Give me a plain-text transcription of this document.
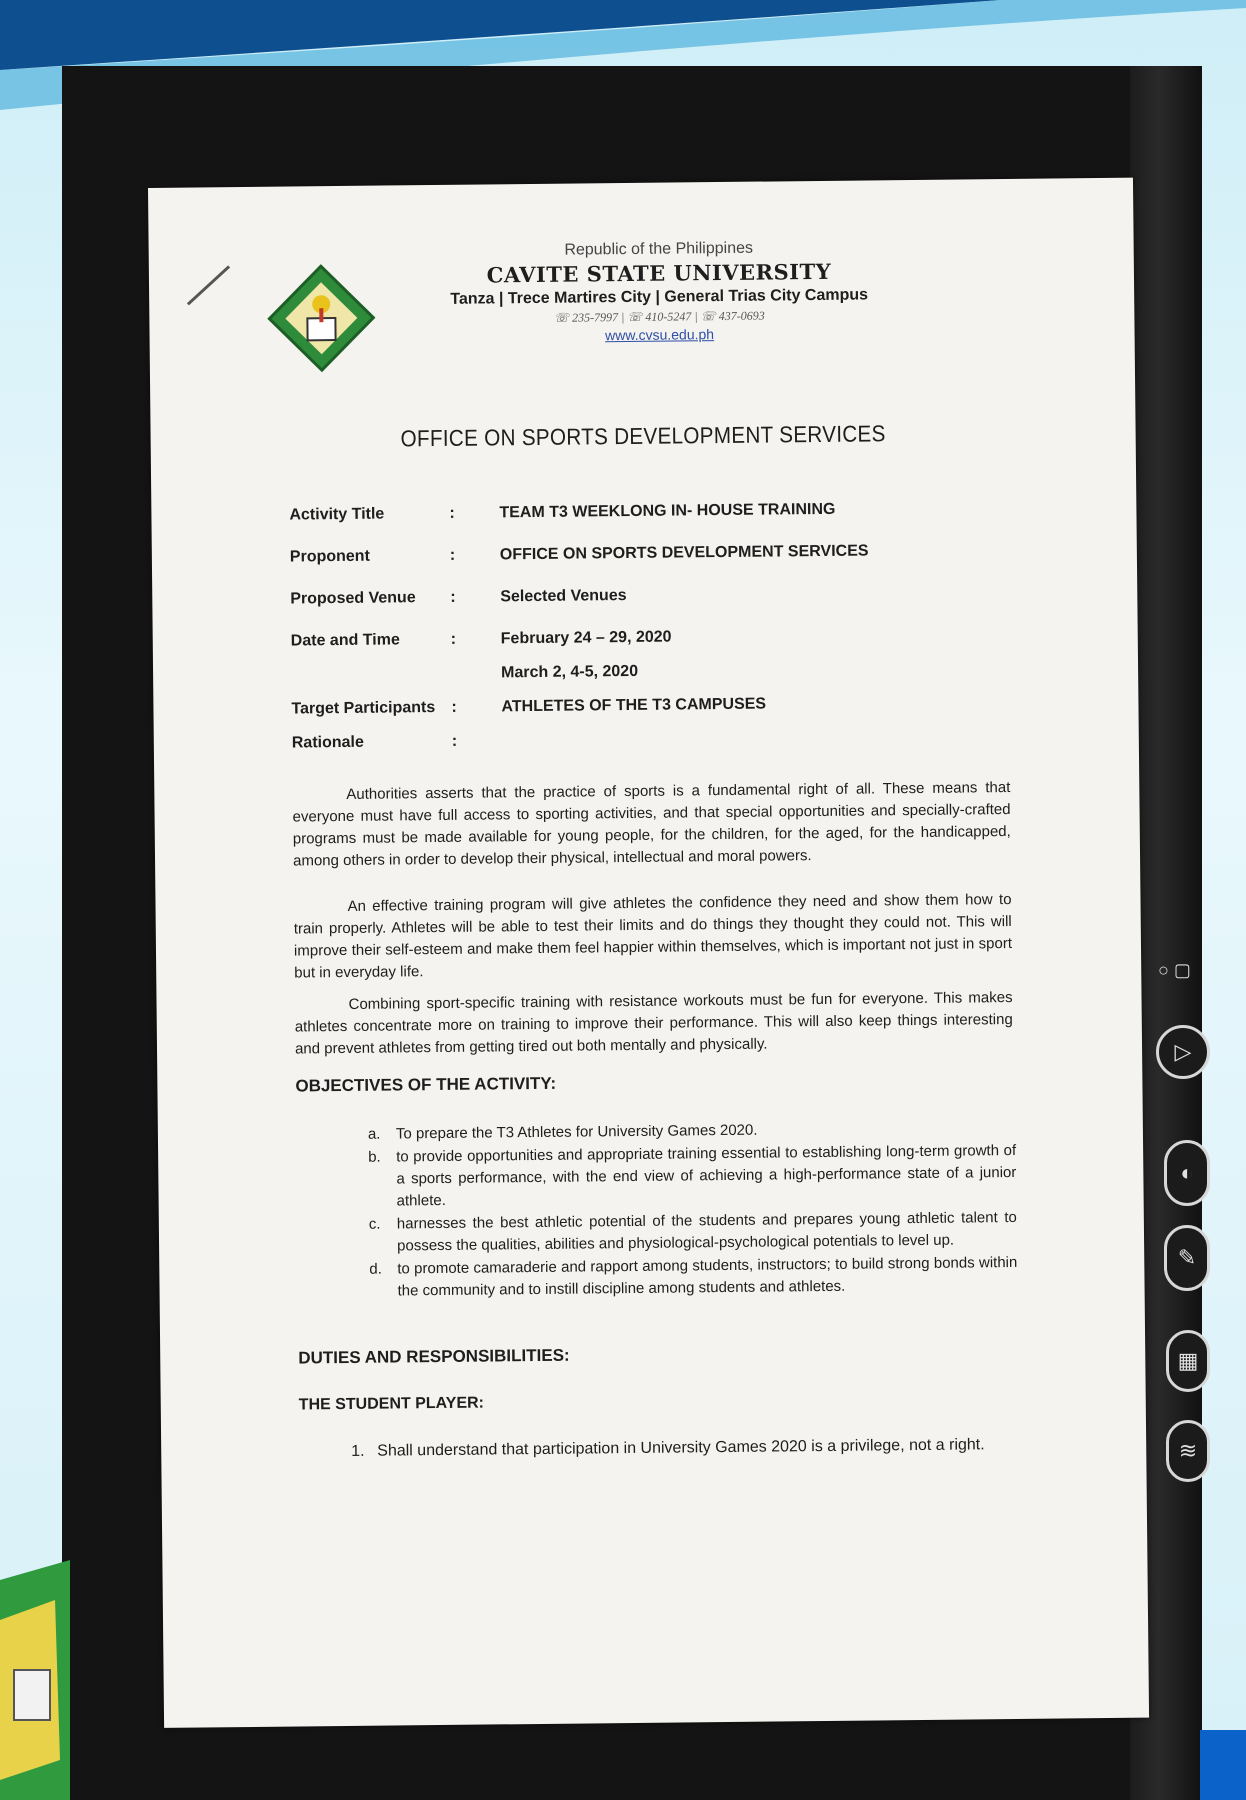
▷
◐
✎
▦
≋
○ ▢
Republic of the Philippines
CAVITE STATE UNIVERSITY
Tanza | Trece Martires City | General Trias City Campus
☏ 235-7997 | ☏ 410-5247 | ☏ 437-0693
www.cvsu.edu.ph
OFFICE ON SPORTS DEVELOPMENT SERVICES
Activity Title	:	TEAM T3 WEEKLONG IN- HOUSE TRAINING
Proponent	:	OFFICE ON SPORTS DEVELOPMENT SERVICES
Proposed Venue :	Selected Venues
Date and Time	:	February 24 – 29, 2020
March 2, 4-5, 2020
Target Participants :	ATHLETES OF THE T3 CAMPUSES
Rationale	:
Authorities asserts that the practice of sports is a fundamental right of all. These means that everyone must have full access to sporting activities, and that special opportunities and specially-crafted programs must be made available for young people, for the children, for the aged, for the handicapped, among others in order to develop their physical, intellectual and moral powers.
An effective training program will give athletes the confidence they need and show them how to train properly. Athletes will be able to test their limits and do things they thought they could not. This will improve their self-esteem and make them feel happier within themselves, which is important not just in sport but in everyday life.
Combining sport-specific training with resistance workouts must be fun for everyone. This makes athletes concentrate more on training to improve their performance. This will also keep things interesting and prevent athletes from getting tired out both mentally and physically.
OBJECTIVES OF THE ACTIVITY:
a. To prepare the T3 Athletes for University Games 2020.
b. to provide opportunities and appropriate training essential to establishing long-term growth of a sports performance, with the end view of achieving a high-performance state of a junior athlete.
c. harnesses the best athletic potential of the students and prepares young athletic talent to possess the qualities, abilities and physiological-psychological potentials to level up.
d. to promote camaraderie and rapport among students, instructors; to build strong bonds within the community and to instill discipline among students and athletes.
DUTIES AND RESPONSIBILITIES:
THE STUDENT PLAYER:
1. Shall understand that participation in University Games 2020 is a privilege, not a right.
